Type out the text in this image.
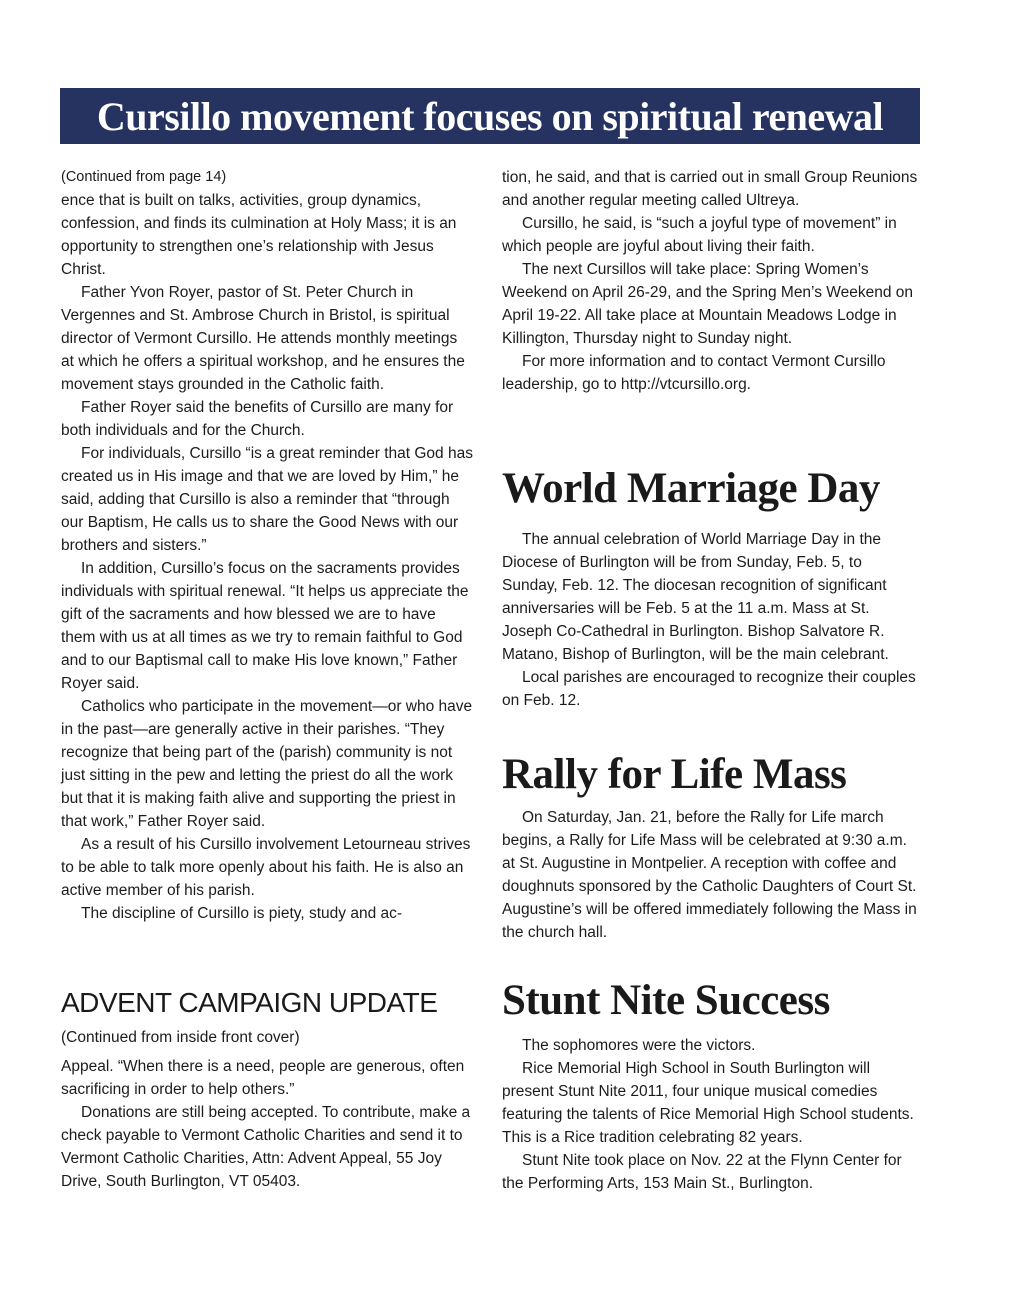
Cursillo movement focuses on spiritual renewal

(Continued from page 14)

ence that is built on talks, activities, group dynamics, confession, and finds its culmination at Holy Mass; it is an opportunity to strengthen one’s relationship with Jesus Christ.

Father Yvon Royer, pastor of St. Peter Church in Vergennes and St. Ambrose Church in Bristol, is spiritual director of Vermont Cursillo. He attends monthly meetings at which he offers a spiritual workshop, and he ensures the movement stays grounded in the Catholic faith.

Father Royer said the benefits of Cursillo are many for both individuals and for the Church.

For individuals, Cursillo “is a great reminder that God has created us in His image and that we are loved by Him,” he said, adding that Cursillo is also a reminder that “through our Baptism, He calls us to share the Good News with our brothers and sisters.”

In addition, Cursillo’s focus on the sacraments provides individuals with spiritual renewal. “It helps us appreciate the gift of the sacraments and how blessed we are to have them with us at all times as we try to remain faithful to God and to our Baptismal call to make His love known,” Father Royer said.

Catholics who participate in the movement—or who have in the past—are generally active in their parishes. “They recognize that being part of the (parish) community is not just sitting in the pew and letting the priest do all the work but that it is making faith alive and supporting the priest in that work,” Father Royer said.

As a result of his Cursillo involvement Letourneau strives to be able to talk more openly about his faith. He is also an active member of his parish.

The discipline of Cursillo is piety, study and ac-

ADVENT CAMPAIGN UPDATE

(Continued from inside front cover)

Appeal. “When there is a need, people are generous, often sacrificing in order to help others.”

Donations are still being accepted. To contribute, make a check payable to Vermont Catholic Charities and send it to Vermont Catholic Charities, Attn: Advent Appeal, 55 Joy Drive, South Burlington, VT 05403.

tion, he said, and that is carried out in small Group Reunions and another regular meeting called Ultreya.

Cursillo, he said, is “such a joyful type of movement” in which people are joyful about living their faith.

The next Cursillos will take place: Spring Women’s Weekend on April 26-29, and the Spring Men’s Weekend on April 19-22. All take place at Mountain Meadows Lodge in Killington, Thursday night to Sunday night.

For more information and to contact Vermont Cursillo leadership, go to http://vtcursillo.org.

World Marriage Day

The annual celebration of World Marriage Day in the Diocese of Burlington will be from Sunday, Feb. 5, to Sunday, Feb. 12. The diocesan recognition of significant anniversaries will be Feb. 5 at the 11 a.m. Mass at St. Joseph Co-Cathedral in Burlington. Bishop Salvatore R. Matano, Bishop of Burlington, will be the main celebrant.

Local parishes are encouraged to recognize their couples on Feb. 12.

Rally for Life Mass

On Saturday, Jan. 21, before the Rally for Life march begins, a Rally for Life Mass will be celebrated at 9:30 a.m. at St. Augustine in Montpelier. A reception with coffee and doughnuts sponsored by the Catholic Daughters of Court St. Augustine’s will be offered immediately following the Mass in the church hall.

Stunt Nite Success

The sophomores were the victors.

Rice Memorial High School in South Burlington will present Stunt Nite 2011, four unique musical comedies featuring the talents of Rice Memorial High School students. This is a Rice tradition celebrating 82 years.

Stunt Nite took place on Nov. 22 at the Flynn Center for the Performing Arts, 153 Main St., Burlington.
